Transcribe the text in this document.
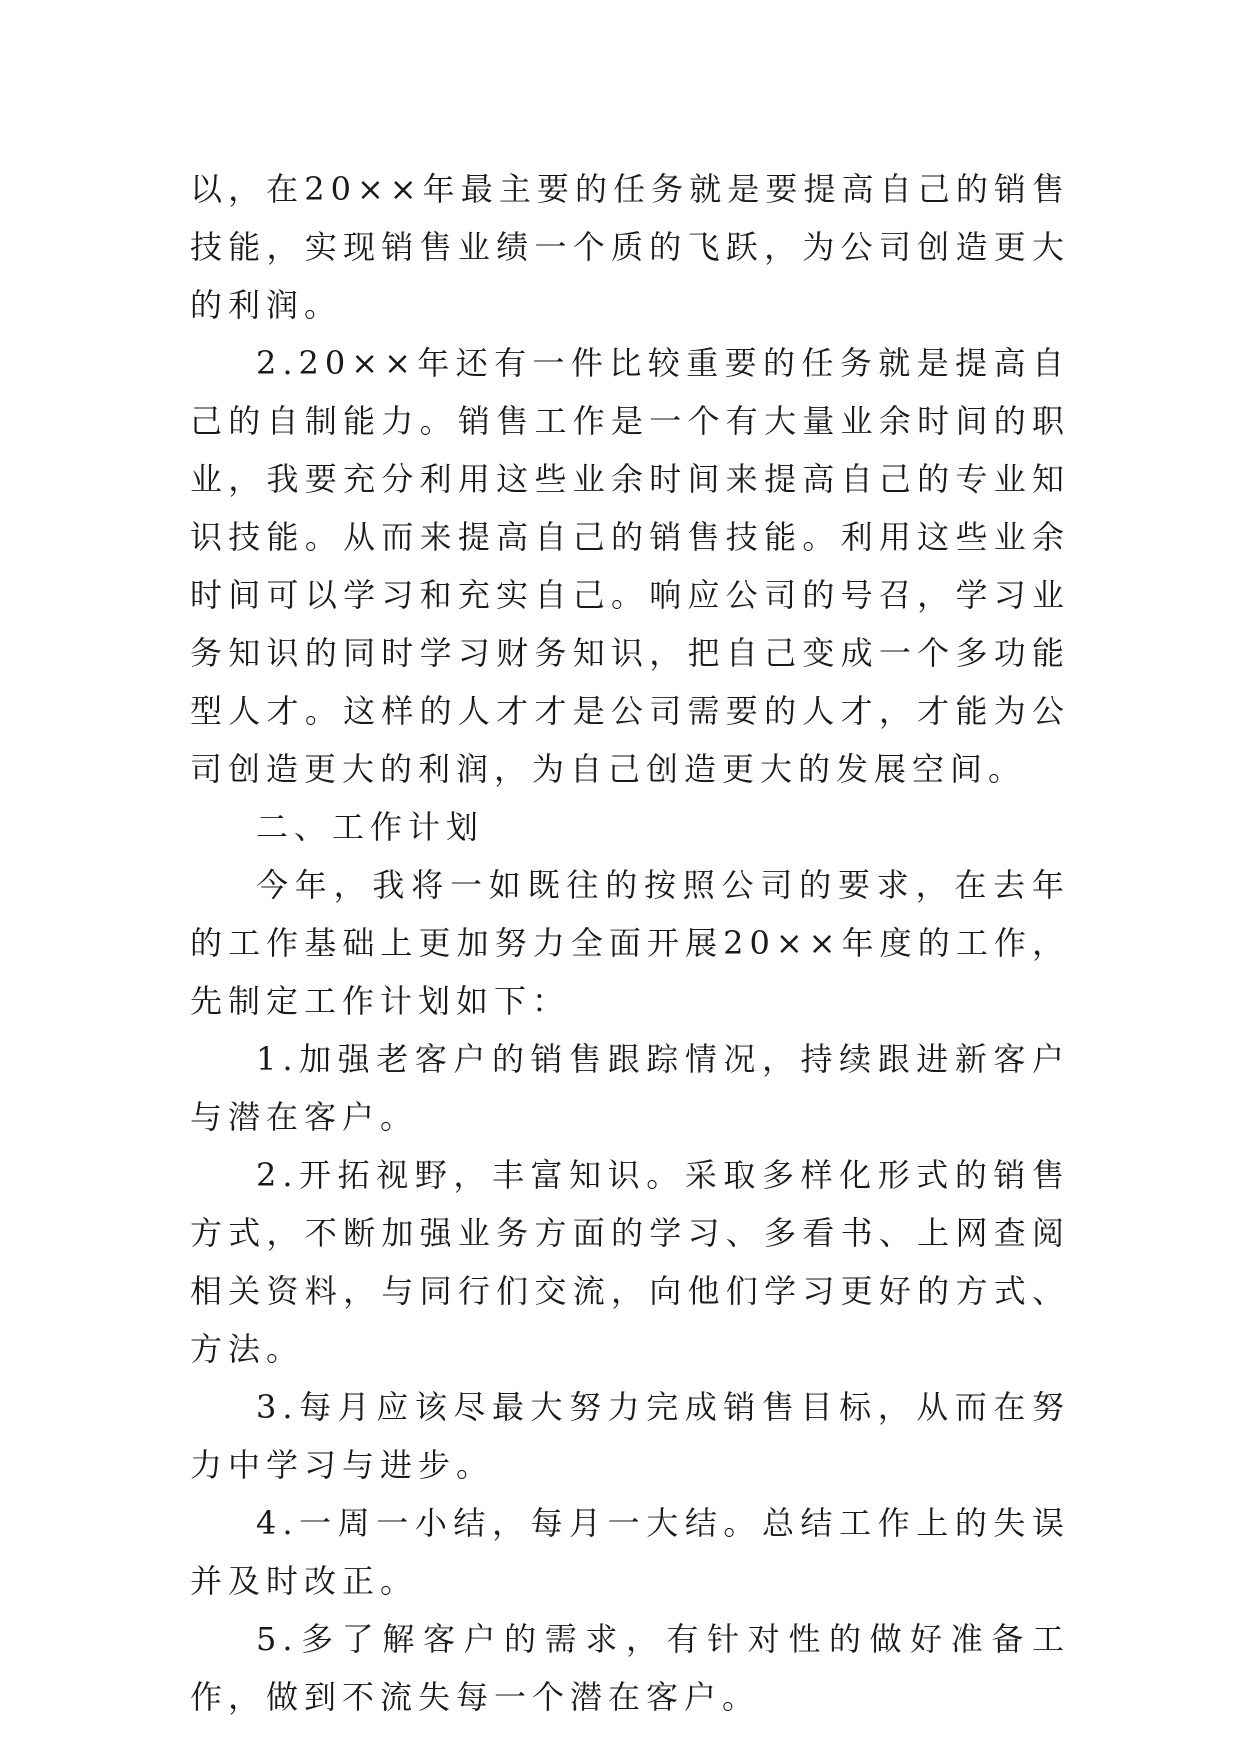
以，在20××年最主要的任务就是要提高自己的销售技能，实现销售业绩一个质的飞跃，为公司创造更大的利润。

2.20××年还有一件比较重要的任务就是提高自己的自制能力。销售工作是一个有大量业余时间的职业，我要充分利用这些业余时间来提高自己的专业知识技能。从而来提高自己的销售技能。利用这些业余时间可以学习和充实自己。响应公司的号召，学习业务知识的同时学习财务知识，把自己变成一个多功能型人才。这样的人才才是公司需要的人才，才能为公司创造更大的利润，为自己创造更大的发展空间。

二、工作计划

今年，我将一如既往的按照公司的要求，在去年的工作基础上更加努力全面开展20××年度的工作，先制定工作计划如下：

1.加强老客户的销售跟踪情况，持续跟进新客户与潜在客户。

2.开拓视野，丰富知识。采取多样化形式的销售方式，不断加强业务方面的学习、多看书、上网查阅相关资料，与同行们交流，向他们学习更好的方式、方法。

3.每月应该尽最大努力完成销售目标，从而在努力中学习与进步。

4.一周一小结，每月一大结。总结工作上的失误并及时改正。

5.多了解客户的需求，有针对性的做好准备工作，做到不流失每一个潜在客户。
